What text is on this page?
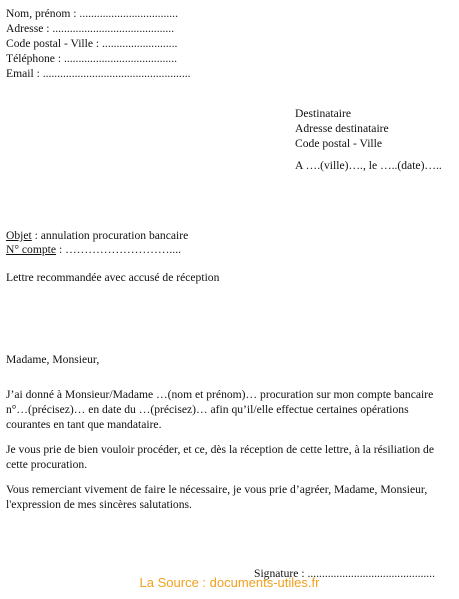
Nom, prénom : ..................................
Adresse : ..........................................
Code postal - Ville : ..........................
Téléphone : .......................................
Email : ...................................................
Destinataire
Adresse destinataire
Code postal - Ville
A ….(ville)…., le …..(date)…..
Objet : annulation procuration bancaire
N° compte : ………………………....
Lettre recommandée avec accusé de réception
Madame, Monsieur,
J’ai donné à Monsieur/Madame …(nom et prénom)… procuration sur mon compte bancaire
n°…(précisez)… en date du …(précisez)… afin qu’il/elle effectue certaines opérations
courantes en tant que mandataire.
Je vous prie de bien vouloir procéder, et ce, dès la réception de cette lettre, à la résiliation de
cette procuration.
Vous remerciant vivement de faire le nécessaire, je vous prie d’agréer, Madame, Monsieur,
l'expression de mes sincères salutations.
Signature : ............................................
La Source : documents-utiles.fr
